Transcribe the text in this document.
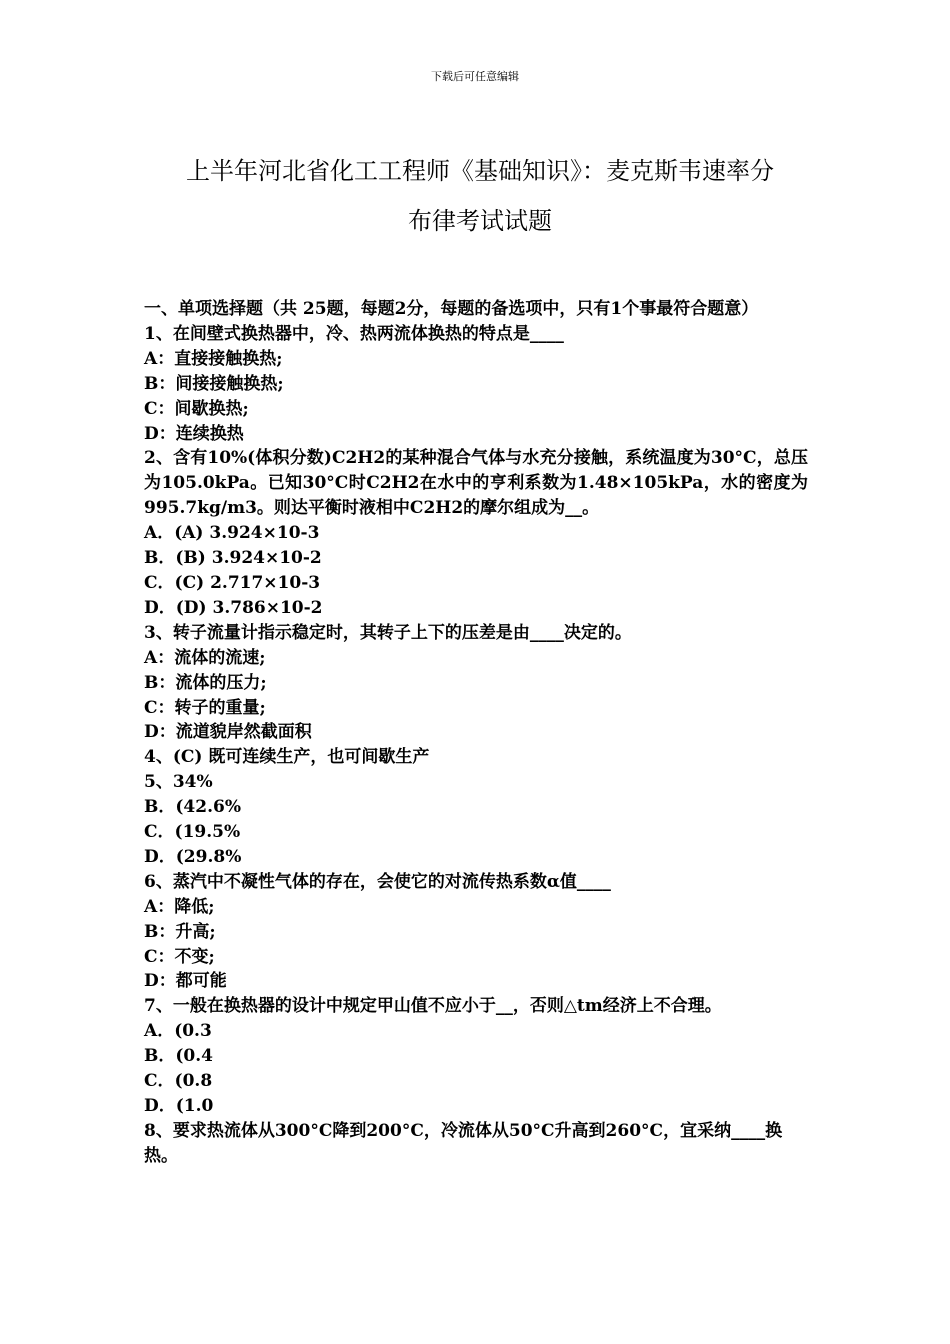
下载后可任意编辑
上半年河北省化工工程师《基础知识》：麦克斯韦速率分
布律考试试题
一、单项选择题（共 25题，每题2分，每题的备选项中，只有1个事最符合题意）
1、在间壁式换热器中，冷、热两流体换热的特点是____
A：直接接触换热;
B：间接接触换热;
C：间歇换热;
D：连续换热
2、含有10%(体积分数)C2H2的某种混合气体与水充分接触，系统温度为30°C，总压为105.0kPa。已知30°C时C2H2在水中的亨利系数为1.48×105kPa，水的密度为995.7kg/m3。则达平衡时液相中C2H2的摩尔组成为__。
A．(A) 3.924×10-3
B．(B) 3.924×10-2
C．(C) 2.717×10-3
D．(D) 3.786×10-2
3、转子流量计指示稳定时，其转子上下的压差是由____决定的。
A：流体的流速;
B：流体的压力;
C：转子的重量;
D：流道貌岸然截面积
4、(C) 既可连续生产，也可间歇生产
5、34%
B．(42.6%
C．(19.5%
D．(29.8%
6、蒸汽中不凝性气体的存在，会使它的对流传热系数α值____
A：降低;
B：升高;
C：不变;
D：都可能
7、一般在换热器的设计中规定甲山值不应小于__，否则△tm经济上不合理。
A．(0.3
B．(0.4
C．(0.8
D．(1.0
8、要求热流体从300°C降到200°C，冷流体从50°C升高到260°C，宜采纳____换热。
